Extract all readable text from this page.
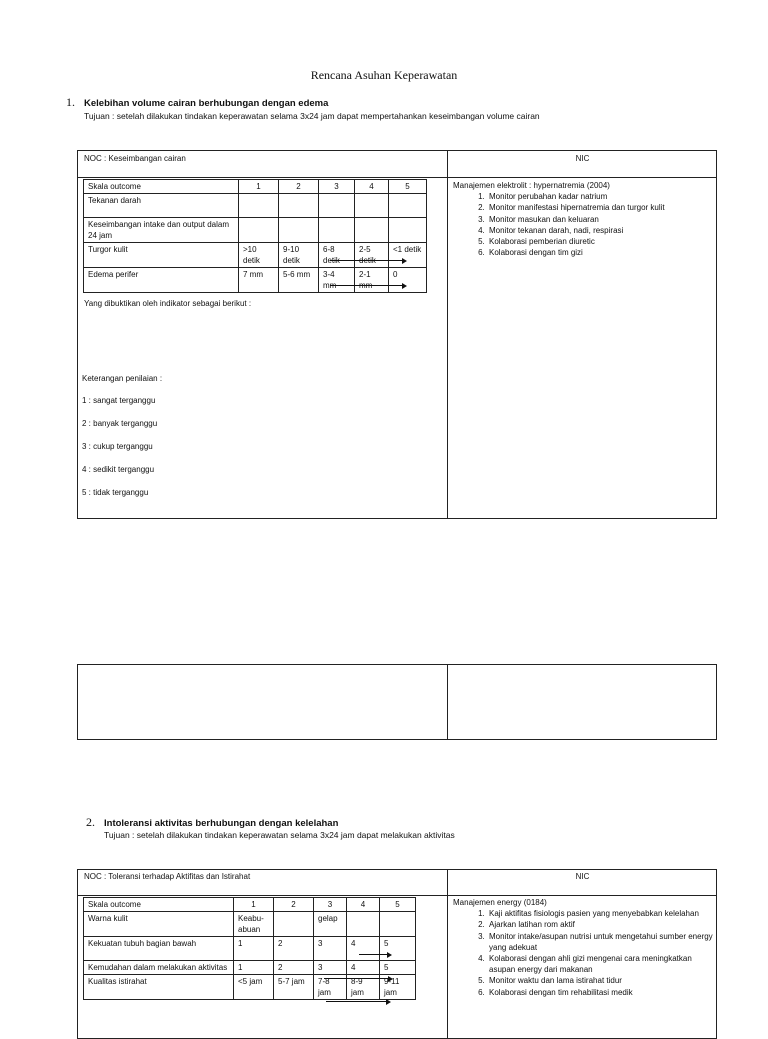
Rencana Asuhan Keperawatan
1. Kelebihan volume cairan berhubungan dengan edema
Tujuan : setelah dilakukan tindakan keperawatan selama 3x24 jam dapat mempertahankan keseimbangan volume cairan
NOC : Keseimbangan cairan	NIC
Skala outcome	1	2	3	4	5
Tekanan darah					
Keseimbangan intake dan output dalam 24 jam					
Turgor kulit	>10 detik	9-10 detik	6-8 detik	2-5 detik	<1 detik
Edema perifer	7 mm	5-6 mm	3-4 mm	2-1 mm	0
Yang dibuktikan oleh indikator sebagai berikut :

Keterangan penilaian :

1 : sangat terganggu

2 : banyak terganggu

3 : cukup terganggu

4 : sedikit terganggu

5 : tidak terganggu

Manajemen elektrolit : hypernatremia (2004)
1. Monitor perubahan kadar natrium
2. Monitor manifestasi hipernatremia dan turgor kulit
3. Monitor masukan dan keluaran
4. Monitor tekanan darah, nadi, respirasi
5. Kolaborasi pemberian diuretic
6. Kolaborasi dengan tim gizi
2. Intoleransi aktivitas berhubungan dengan kelelahan
Tujuan : setelah dilakukan tindakan keperawatan selama 3x24 jam dapat melakukan aktivitas
NOC : Toleransi terhadap Aktifitas dan Istirahat	NIC
Skala outcome	1	2	3	4	5
Warna kulit	Keabu-abuan		gelap		
Kekuatan tubuh bagian bawah	1	2	3	4	5
Kemudahan dalam melakukan aktivitas	1	2	3	4	5
Kualitas istirahat	<5 jam	5-7 jam	7-8 jam	8-9 jam	9-11 jam
Manajemen energy (0184)
1. Kaji aktifitas fisiologis pasien yang menyebabkan kelelahan
2. Ajarkan latihan rom aktif
3. Monitor intake/asupan nutrisi untuk mengetahui sumber energy yang adekuat
4. Kolaborasi dengan ahli gizi mengenai cara meningkatkan asupan energy dari makanan
5. Monitor waktu dan lama istirahat tidur
6. Kolaborasi dengan tim rehabilitasi medik
